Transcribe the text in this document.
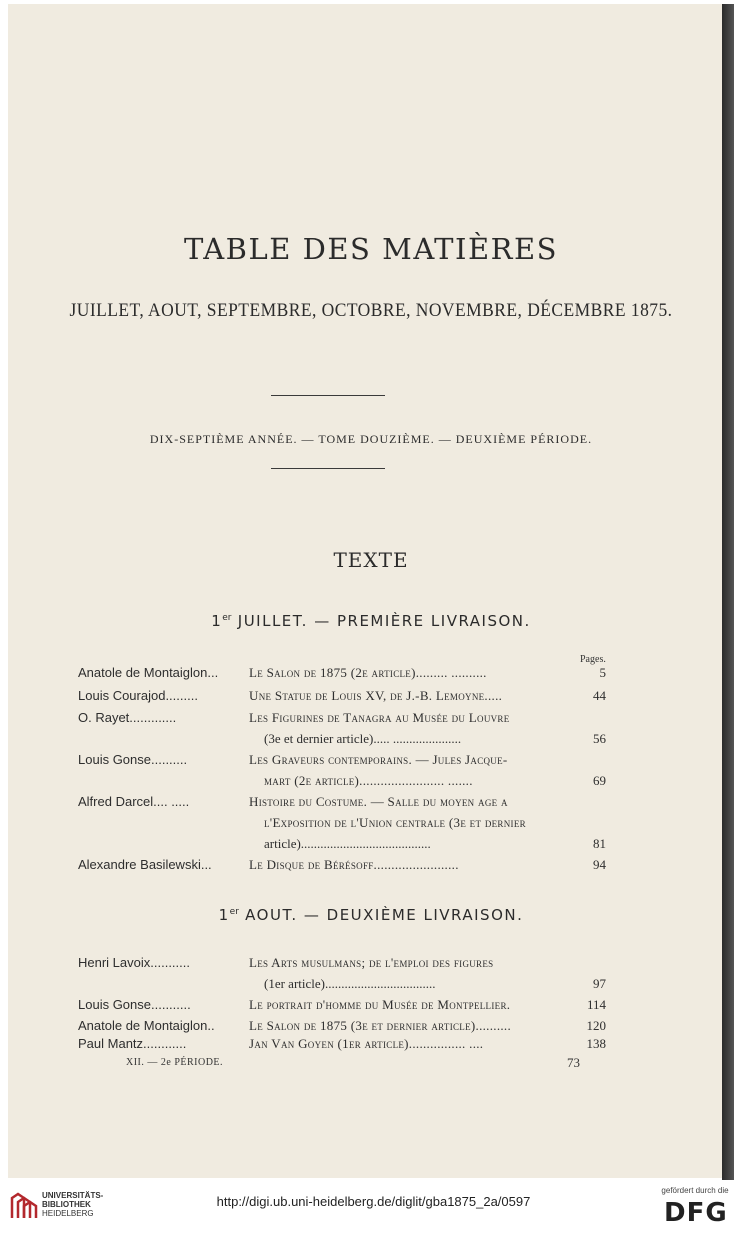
TABLE DES MATIÈRES
JUILLET, AOUT, SEPTEMBRE, OCTOBRE, NOVEMBRE, DÉCEMBRE 1875.
DIX-SEPTIÈME ANNÉE. — TOME DOUZIÈME. — DEUXIÈME PÉRIODE.
TEXTE
1er JUILLET. — PREMIÈRE LIVRAISON.
Pages.
Anatole de Montaiglon...	Le Salon de 1875 (2e article)......... ..........	5
Louis Courajod.........	Une Statue de Louis XV, de J.-B. Lemoyne.....	44
O. Rayet.............	Les Figurines de Tanagra au Musée du Louvre
(3e et dernier article)..... .....................	56
Louis Gonse..........	Les Graveurs contemporains. — Jules Jacque-
mart (2e article)........................ .......	69
Alfred Darcel.... .....	Histoire du Costume. — Salle du moyen age a
l'Exposition de l'Union centrale (3e et dernier
article)........................................	81
Alexandre Basilewski...	Le Disque de Bérésoff........................	94
1er AOUT. — DEUXIÈME LIVRAISON.
Henri Lavoix...........	Les Arts musulmans; de l'emploi des figures
(1er article)..................................	97
Louis Gonse...........	Le portrait d'homme du Musée de Montpellier.	114
Anatole de Montaiglon..	Le Salon de 1875 (3e et dernier article)..........	120
Paul Mantz............	Jan Van Goyen (1er article)................ ....	138
XII. — 2e PÉRIODE.	73
UNIVERSITÄTS-
BIBLIOTHEK
HEIDELBERG
http://digi.ub.uni-heidelberg.de/diglit/gba1875_2a/0597
gefördert durch die
DFG
